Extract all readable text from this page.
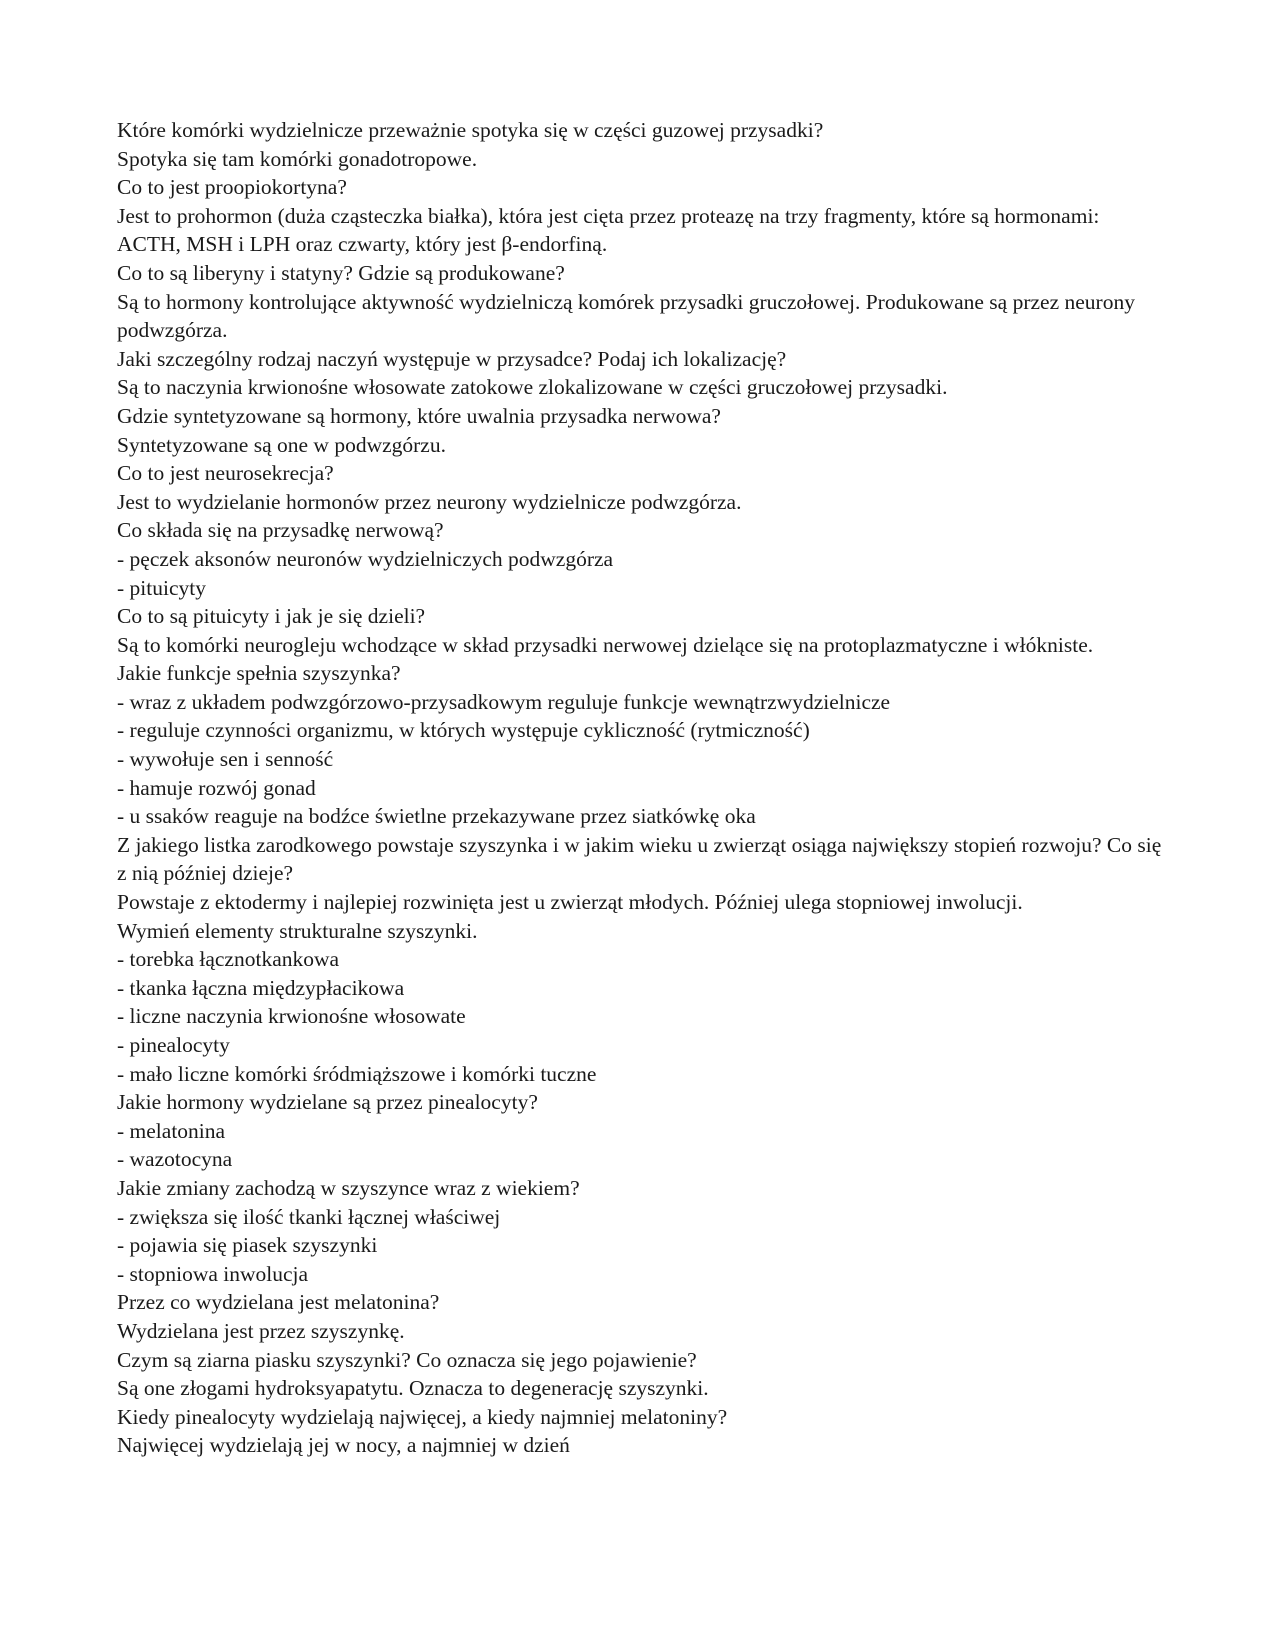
Które komórki wydzielnicze przeważnie spotyka się w części guzowej przysadki?

Spotyka się tam komórki gonadotropowe.

Co to jest proopiokortyna?

Jest to prohormon (duża cząsteczka białka), która jest cięta przez proteazę na trzy fragmenty, które są hormonami: ACTH, MSH i LPH oraz czwarty, który jest β-endorfiną.

Co to są liberyny i statyny? Gdzie są produkowane?

Są to hormony kontrolujące aktywność wydzielniczą komórek przysadki gruczołowej. Produkowane są przez neurony podwzgórza.

Jaki szczególny rodzaj naczyń występuje w przysadce? Podaj ich lokalizację?

Są to naczynia krwionośne włosowate zatokowe zlokalizowane w części gruczołowej przysadki.

Gdzie syntetyzowane są hormony, które uwalnia przysadka nerwowa?

Syntetyzowane są one w podwzgórzu.

Co to jest neurosekrecja?

Jest to wydzielanie hormonów przez neurony wydzielnicze podwzgórza.

Co składa się na przysadkę nerwową?

- pęczek aksonów neuronów wydzielniczych podwzgórza

- pituicyty

Co to są pituicyty i jak je się dzieli?

Są to komórki neurogleju wchodzące w skład przysadki nerwowej dzielące się na protoplazmatyczne i włókniste.

Jakie funkcje spełnia szyszynka?

- wraz z układem podwzgórzowo-przysadkowym reguluje funkcje wewnątrzwydzielnicze

- reguluje czynności organizmu, w których występuje cykliczność (rytmiczność)

- wywołuje sen i senność

- hamuje rozwój gonad

- u ssaków reaguje na bodźce świetlne przekazywane przez siatkówkę oka

Z jakiego listka zarodkowego powstaje szyszynka i w jakim wieku u zwierząt osiąga największy stopień rozwoju? Co się z nią później dzieje?

Powstaje z ektodermy i najlepiej rozwinięta jest u zwierząt młodych. Później ulega stopniowej inwolucji.

Wymień elementy strukturalne szyszynki.

- torebka łącznotkankowa

- tkanka łączna międzypłacikowa

- liczne naczynia krwionośne włosowate

- pinealocyty

- mało liczne komórki śródmiąższowe i komórki tuczne

Jakie hormony wydzielane są przez pinealocyty?

- melatonina

- wazotocyna

Jakie zmiany zachodzą w szyszynce wraz z wiekiem?

- zwiększa się ilość tkanki łącznej właściwej

- pojawia się piasek szyszynki

- stopniowa inwolucja

Przez co wydzielana jest melatonina?

Wydzielana jest przez szyszynkę.

Czym są ziarna piasku szyszynki? Co oznacza się jego pojawienie?

Są one złogami hydroksyapatytu. Oznacza to degenerację szyszynki.

Kiedy pinealocyty wydzielają najwięcej, a kiedy najmniej melatoniny?

Najwięcej wydzielają jej w nocy, a najmniej w dzień
